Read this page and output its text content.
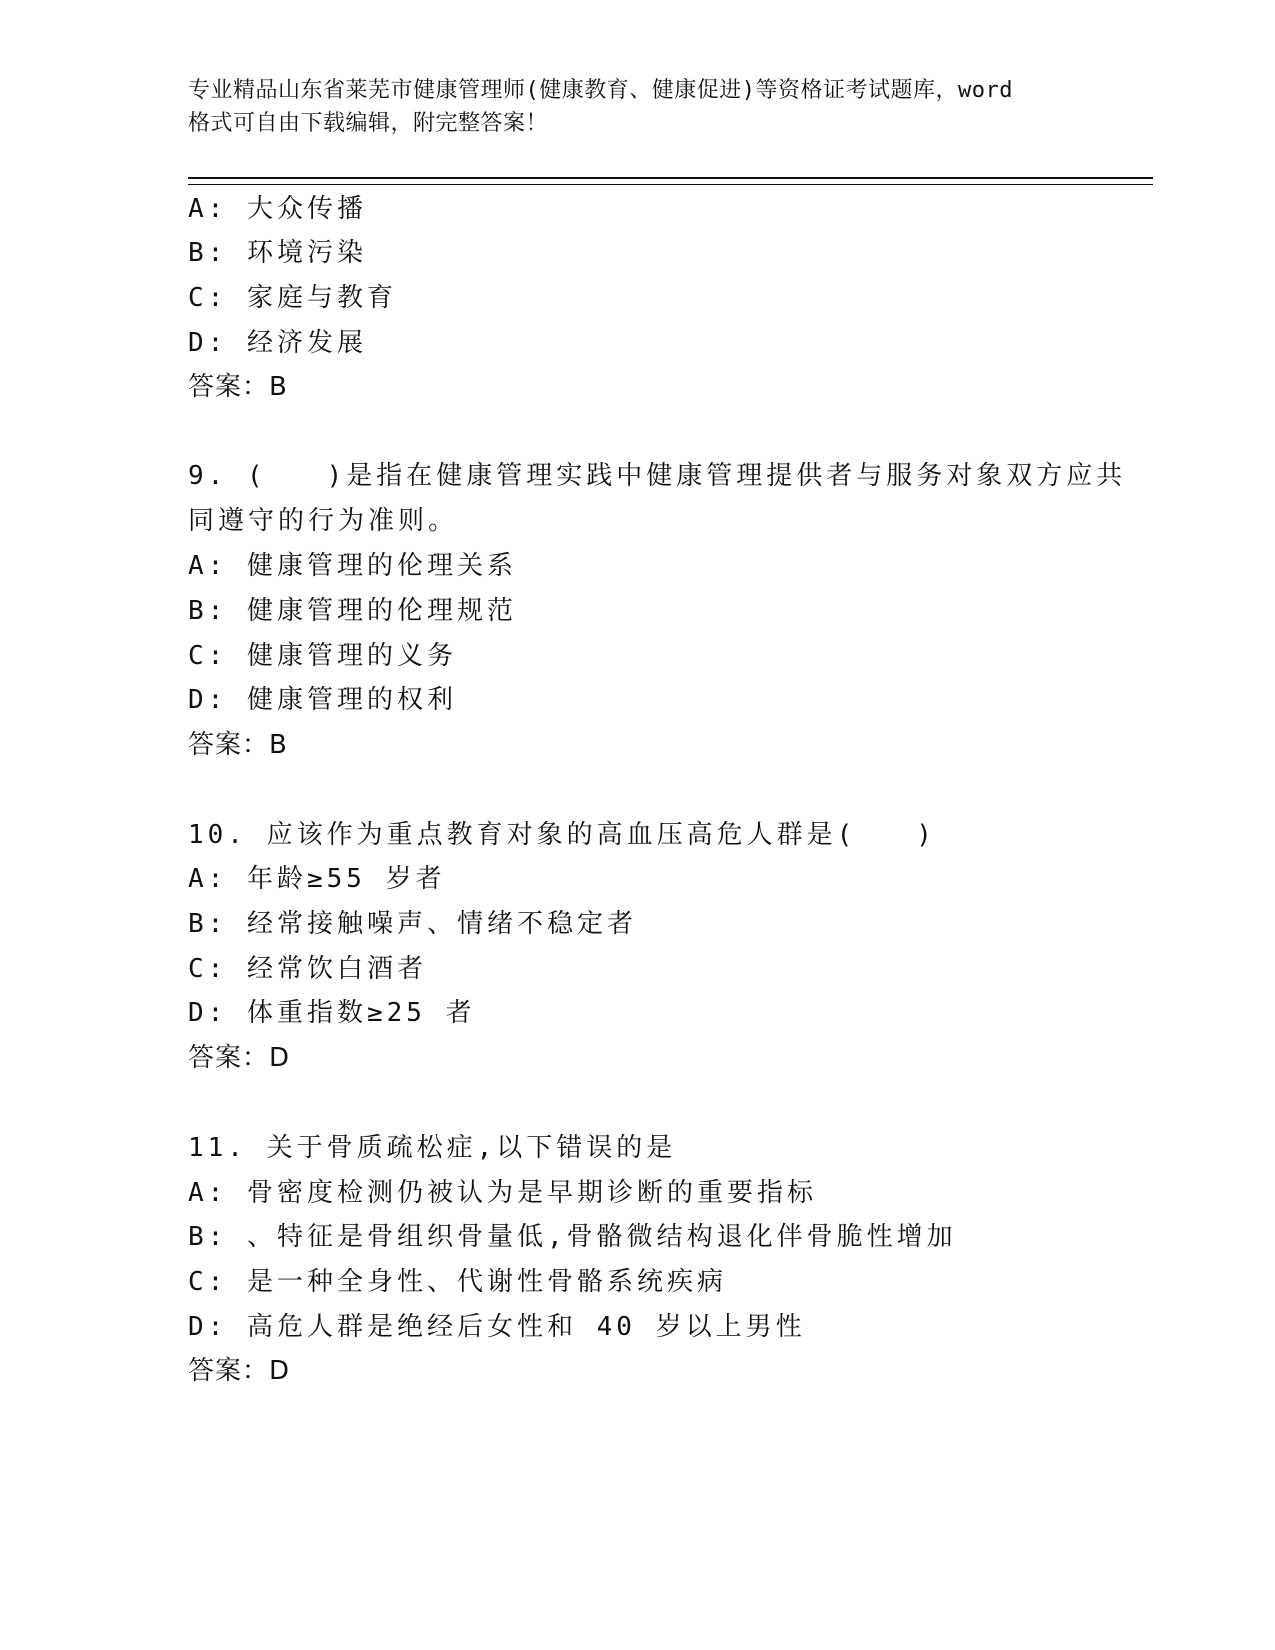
专业精品山东省莱芜市健康管理师(健康教育、健康促进)等资格证考试题库，word
格式可自由下载编辑，附完整答案！
A: 大众传播
B: 环境污染
C: 家庭与教育
D: 经济发展
答案：B
9. (　　)是指在健康管理实践中健康管理提供者与服务对象双方应共
同遵守的行为准则。
A: 健康管理的伦理关系
B: 健康管理的伦理规范
C: 健康管理的义务
D: 健康管理的权利
答案：B
10. 应该作为重点教育对象的高血压高危人群是(　　)
A: 年龄≥55 岁者
B: 经常接触噪声、情绪不稳定者
C: 经常饮白酒者
D: 体重指数≥25 者
答案：D
11. 关于骨质疏松症,以下错误的是
A: 骨密度检测仍被认为是早期诊断的重要指标
B: 、特征是骨组织骨量低,骨骼微结构退化伴骨脆性增加
C: 是一种全身性、代谢性骨骼系统疾病
D: 高危人群是绝经后女性和 40 岁以上男性
答案：D
